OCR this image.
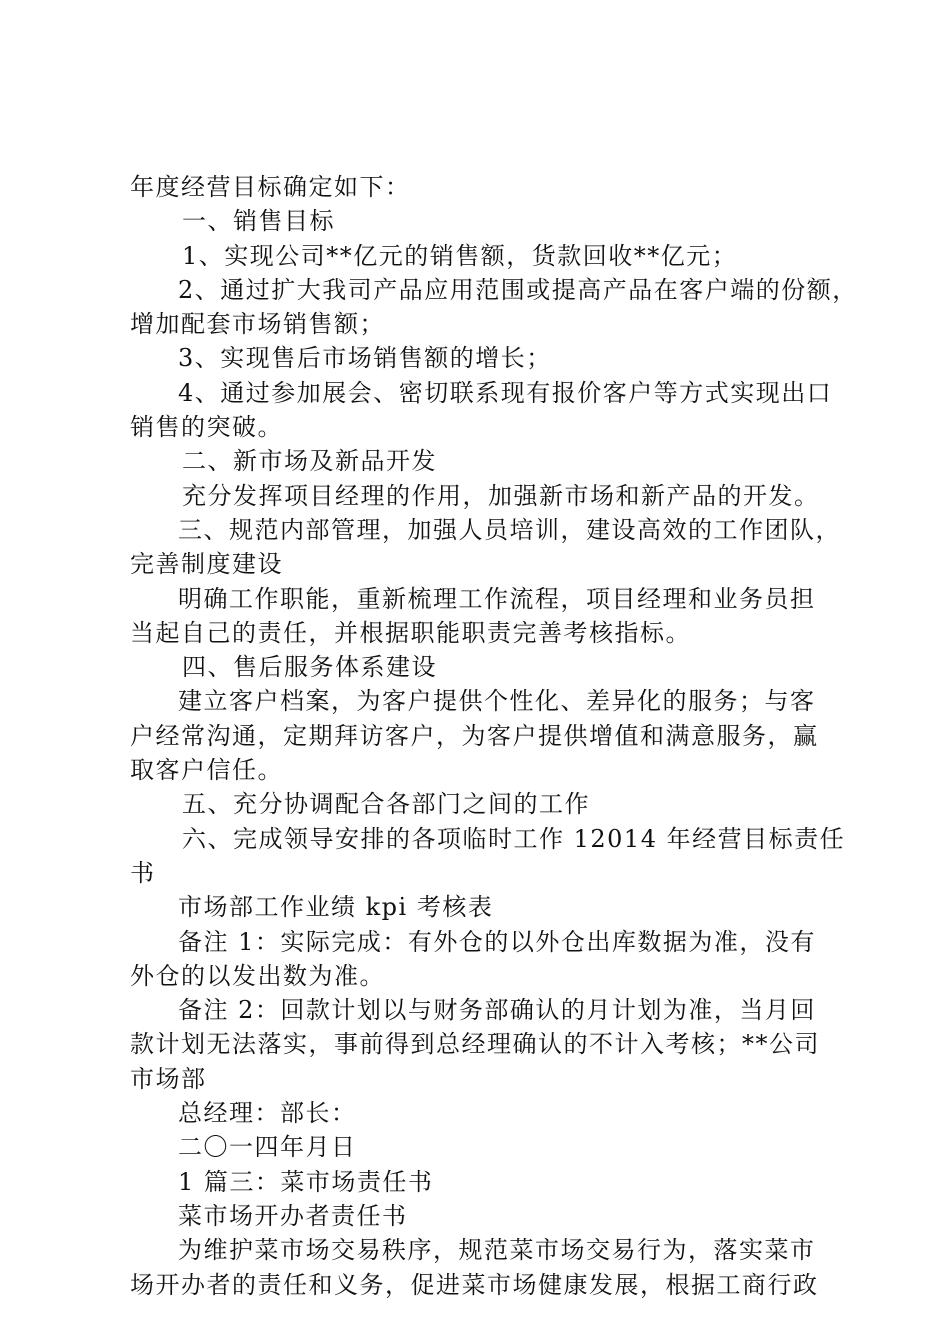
年度经营目标确定如下：
一、销售目标
1、实现公司**亿元的销售额，货款回收**亿元；
2、通过扩大我司产品应用范围或提高产品在客户端的份额，
增加配套市场销售额；
3、实现售后市场销售额的增长；
4、通过参加展会、密切联系现有报价客户等方式实现出口
销售的突破。
二、新市场及新品开发
充分发挥项目经理的作用，加强新市场和新产品的开发。
三、规范内部管理，加强人员培训，建设高效的工作团队，
完善制度建设
明确工作职能，重新梳理工作流程，项目经理和业务员担
当起自己的责任，并根据职能职责完善考核指标。
四、售后服务体系建设
建立客户档案，为客户提供个性化、差异化的服务；与客
户经常沟通，定期拜访客户，为客户提供增值和满意服务，赢
取客户信任。
五、充分协调配合各部门之间的工作
六、完成领导安排的各项临时工作 12014 年经营目标责任
书
市场部工作业绩 kpi 考核表
备注 1：实际完成：有外仓的以外仓出库数据为准，没有
外仓的以发出数为准。
备注 2：回款计划以与财务部确认的月计划为准，当月回
款计划无法落实，事前得到总经理确认的不计入考核；**公司
市场部
总经理：部长：
二〇一四年月日
1 篇三：菜市场责任书
菜市场开办者责任书
为维护菜市场交易秩序，规范菜市场交易行为，落实菜市
场开办者的责任和义务，促进菜市场健康发展，根据工商行政
